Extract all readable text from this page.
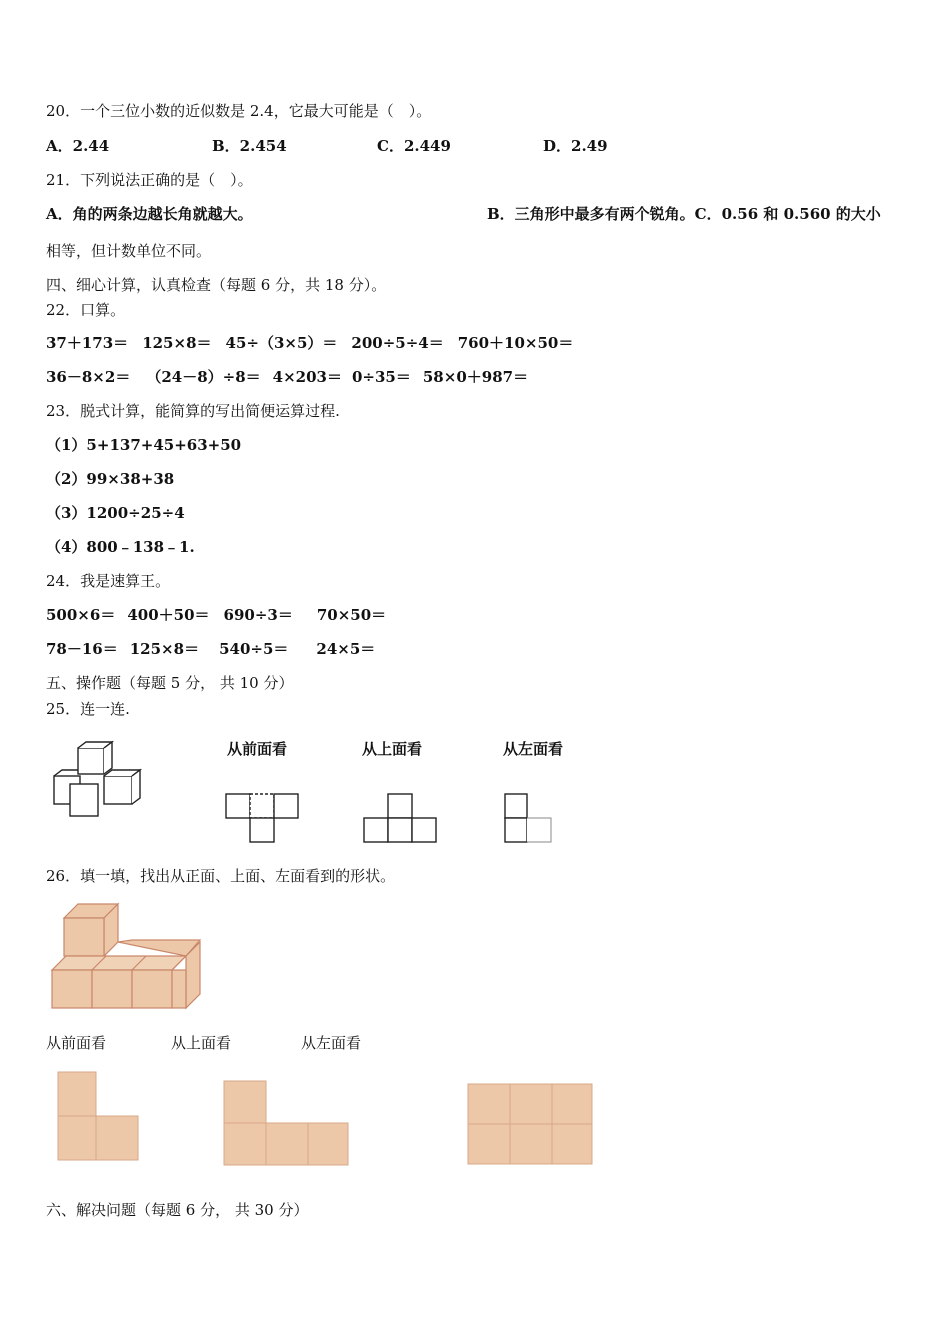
20．一个三位小数的近似数是 2.4，它最大可能是（　）。
A．2.44	B．2.454	C．2.449	D．2.49
21．下列说法正确的是（　）。
A．角的两条边越长角就越大。	B．三角形中最多有两个锐角。C．0.56 和 0.560 的大小
相等，但计数单位不同。
四、细心计算，认真检查（每题 6 分，共 18 分）。
22．口算。
37＋173＝ 125×8＝ 45÷（3×5）＝ 200÷5÷4＝ 760＋10×50＝
36－8×2＝ （24－8）÷8＝ 4×203＝ 0÷35＝ 58×0＋987＝
23．脱式计算，能简算的写出简便运算过程.
（1）5+137+45+63+50
（2）99×38+38
（3）1200÷25÷4
（4）800﹣138﹣1.
24．我是速算王。
500×6＝ 400＋50＝ 690÷3＝ 70×50＝
78－16＝ 125×8＝ 540÷5＝ 24×5＝
五、操作题（每题 5 分， 共 10 分）
25．连一连.
从前面看	从上面看	从左面看
26．填一填，找出从正面、上面、左面看到的形状。
从前面看	从上面看	从左面看
六、解决问题（每题 6 分， 共 30 分）
